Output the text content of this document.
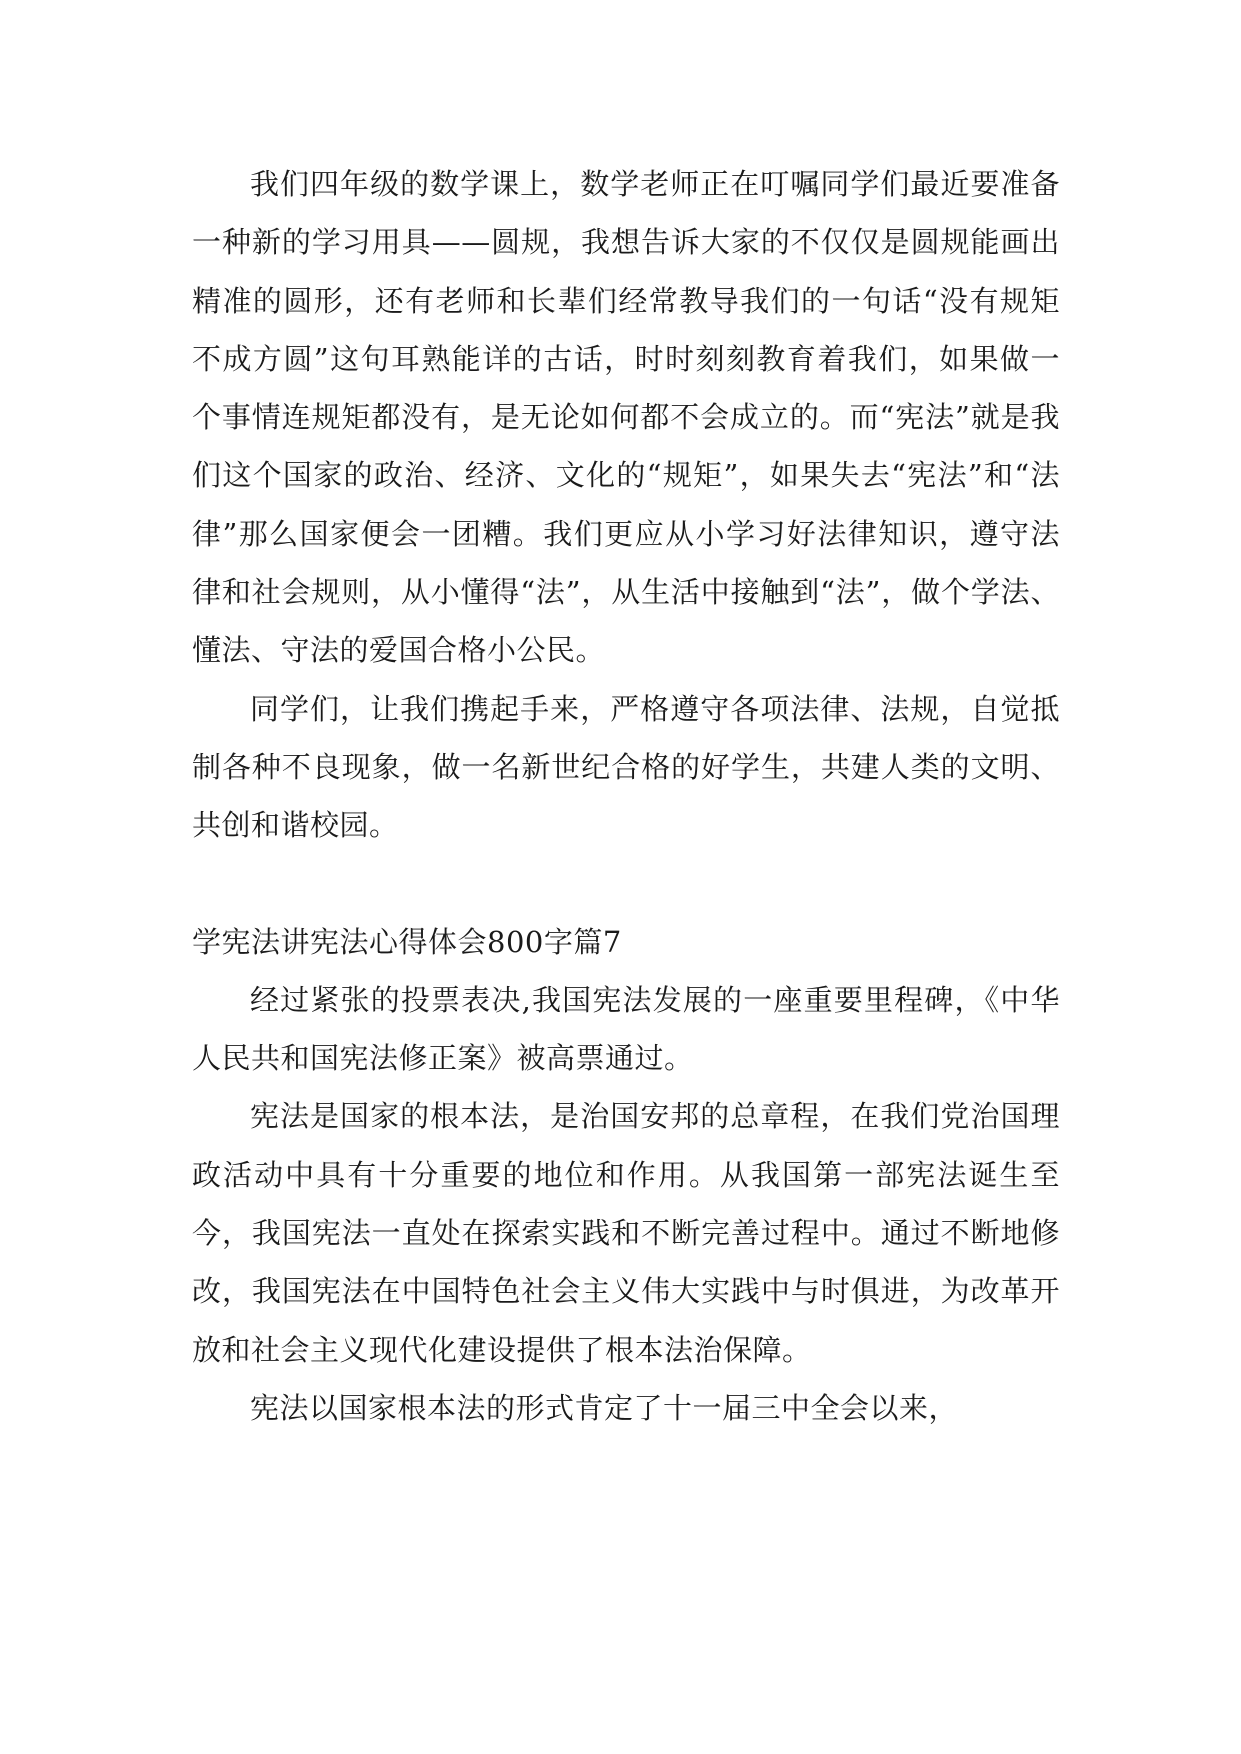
我们四年级的数学课上，数学老师正在叮嘱同学们最近要准备一种新的学习用具——圆规，我想告诉大家的不仅仅是圆规能画出精准的圆形，还有老师和长辈们经常教导我们的一句话“没有规矩不成方圆”这句耳熟能详的古话，时时刻刻教育着我们，如果做一个事情连规矩都没有，是无论如何都不会成立的。而“宪法”就是我们这个国家的政治、经济、文化的“规矩”，如果失去“宪法”和“法律”那么国家便会一团糟。我们更应从小学习好法律知识，遵守法律和社会规则，从小懂得“法”，从生活中接触到“法”，做个学法、懂法、守法的爱国合格小公民。

同学们，让我们携起手来，严格遵守各项法律、法规，自觉抵制各种不良现象，做一名新世纪合格的好学生，共建人类的文明、共创和谐校园。

学宪法讲宪法心得体会800字篇7

经过紧张的投票表决,我国宪法发展的一座重要里程碑，《中华人民共和国宪法修正案》被高票通过。

宪法是国家的根本法，是治国安邦的总章程，在我们党治国理政活动中具有十分重要的地位和作用。从我国第一部宪法诞生至今，我国宪法一直处在探索实践和不断完善过程中。通过不断地修改，我国宪法在中国特色社会主义伟大实践中与时俱进，为改革开放和社会主义现代化建设提供了根本法治保障。

宪法以国家根本法的形式肯定了十一届三中全会以来，
